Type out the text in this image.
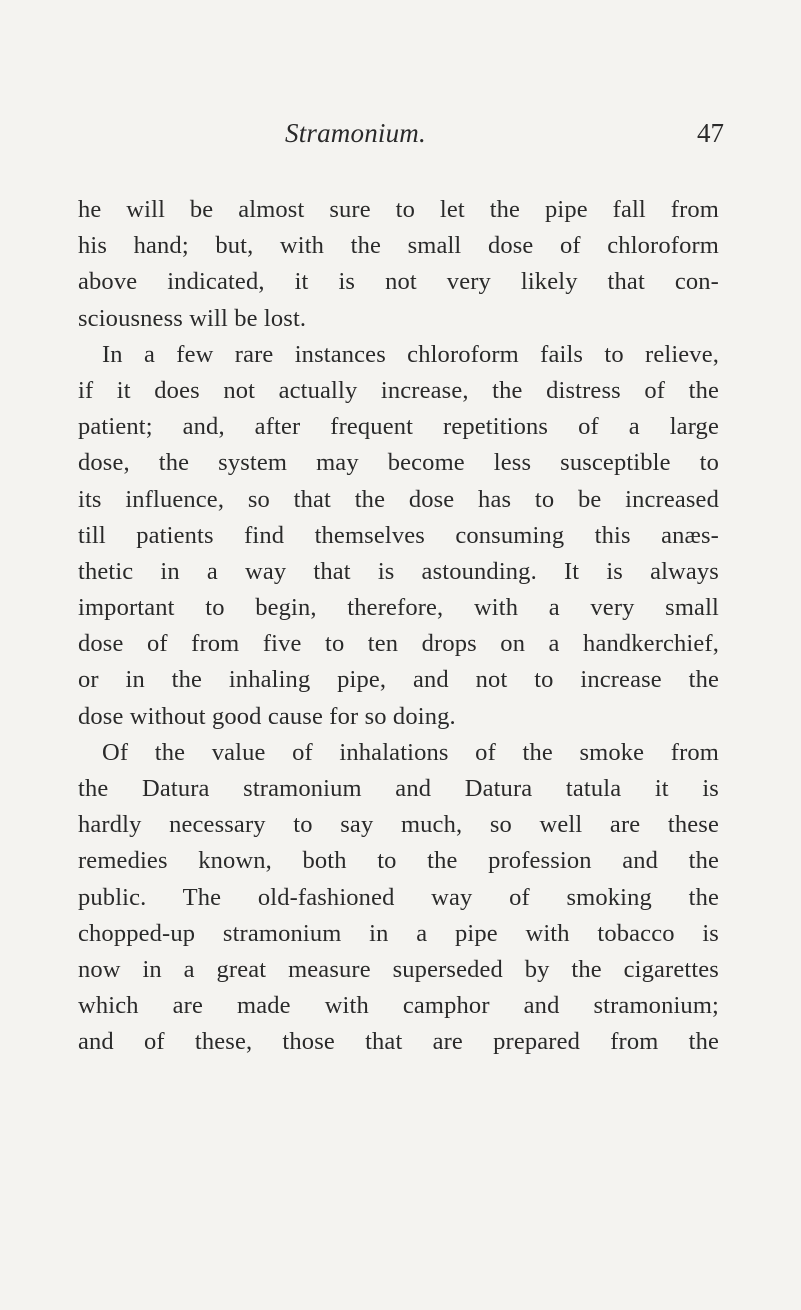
Stramonium.	47
he will be almost sure to let the pipe fall from
his hand; but, with the small dose of chloroform
above indicated, it is not very likely that con-
sciousness will be lost.
In a few rare instances chloroform fails to relieve,
if it does not actually increase, the distress of the
patient; and, after frequent repetitions of a large
dose, the system may become less susceptible to
its influence, so that the dose has to be increased
till patients find themselves consuming this anæs-
thetic in a way that is astounding. It is always
important to begin, therefore, with a very small
dose of from five to ten drops on a handkerchief,
or in the inhaling pipe, and not to increase the
dose without good cause for so doing.
Of the value of inhalations of the smoke from
the Datura stramonium and Datura tatula it is
hardly necessary to say much, so well are these
remedies known, both to the profession and the
public. The old-fashioned way of smoking the
chopped-up stramonium in a pipe with tobacco is
now in a great measure superseded by the cigarettes
which are made with camphor and stramonium;
and of these, those that are prepared from the
